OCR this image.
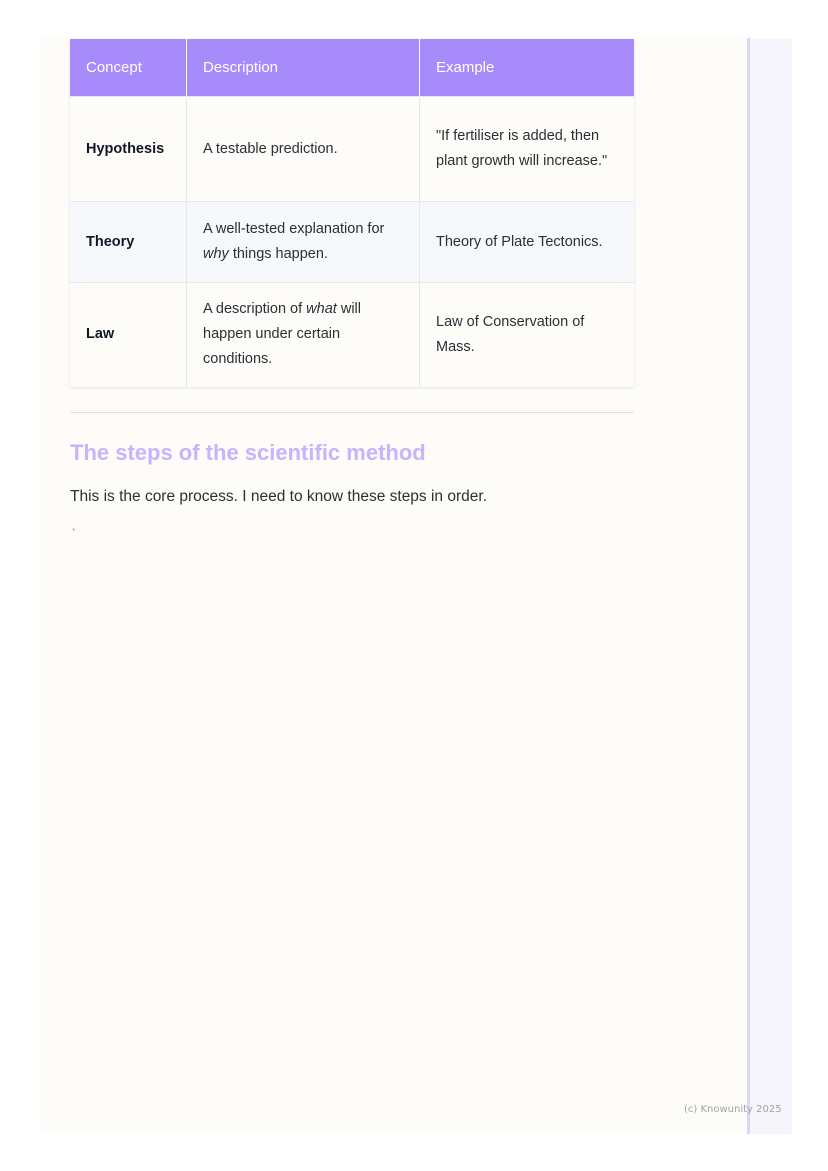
Concept	Description	Example
Hypothesis	A testable prediction.	"If fertiliser is added, then plant growth will increase."
Theory	A well-tested explanation for why things happen.	Theory of Plate Tectonics.
Law	A description of what will happen under certain conditions.	Law of Conservation of Mass.
The steps of the scientific method

This is the core process. I need to know these steps in order.

`

(c) Knowunity 2025
